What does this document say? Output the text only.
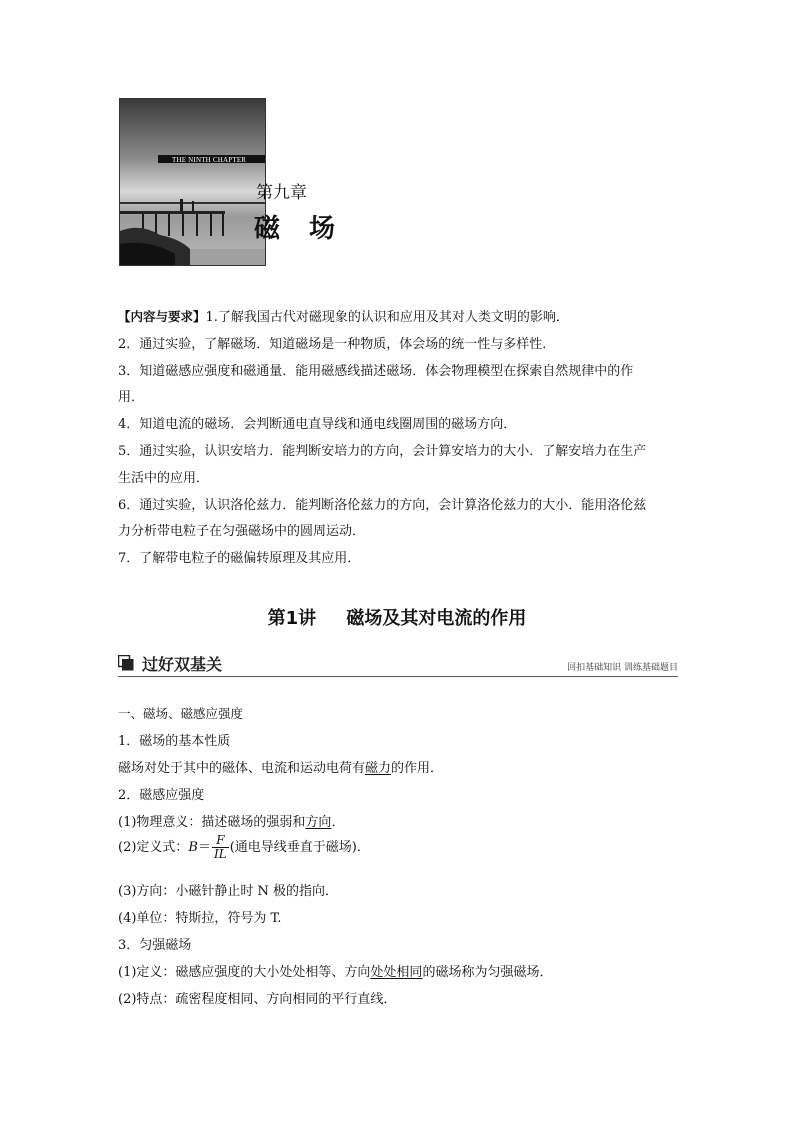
THE NINTH CHAPTER
第九章
磁 场

【内容与要求】1.了解我国古代对磁现象的认识和应用及其对人类文明的影响．

2．通过实验，了解磁场．知道磁场是一种物质，体会场的统一性与多样性．

3．知道磁感应强度和磁通量．能用磁感线描述磁场．体会物理模型在探索自然规律中的作

用．

4．知道电流的磁场．会判断通电直导线和通电线圈周围的磁场方向．

5．通过实验，认识安培力．能判断安培力的方向，会计算安培力的大小．了解安培力在生产

生活中的应用．

6．通过实验，认识洛伦兹力．能判断洛伦兹力的方向，会计算洛伦兹力的大小．能用洛伦兹

力分析带电粒子在匀强磁场中的圆周运动．

7．了解带电粒子的磁偏转原理及其应用．

第1讲 磁场及其对电流的作用
过好双基关	回扣基础知识 训练基础题目
一、磁场、磁感应强度
1．磁场的基本性质
磁场对处于其中的磁体、电流和运动电荷有磁力的作用．
2．磁感应强度
(1)物理意义：描述磁场的强弱和方向．
(2)定义式：$B= \frac{F}{IL}$ (通电导线垂直于磁场)．
(3)方向：小磁针静止时 N 极的指向．
(4)单位：特斯拉，符号为 T.
3．匀强磁场
(1)定义：磁感应强度的大小处处相等、方向处处相同的磁场称为匀强磁场．
(2)特点：疏密程度相同、方向相同的平行直线．
